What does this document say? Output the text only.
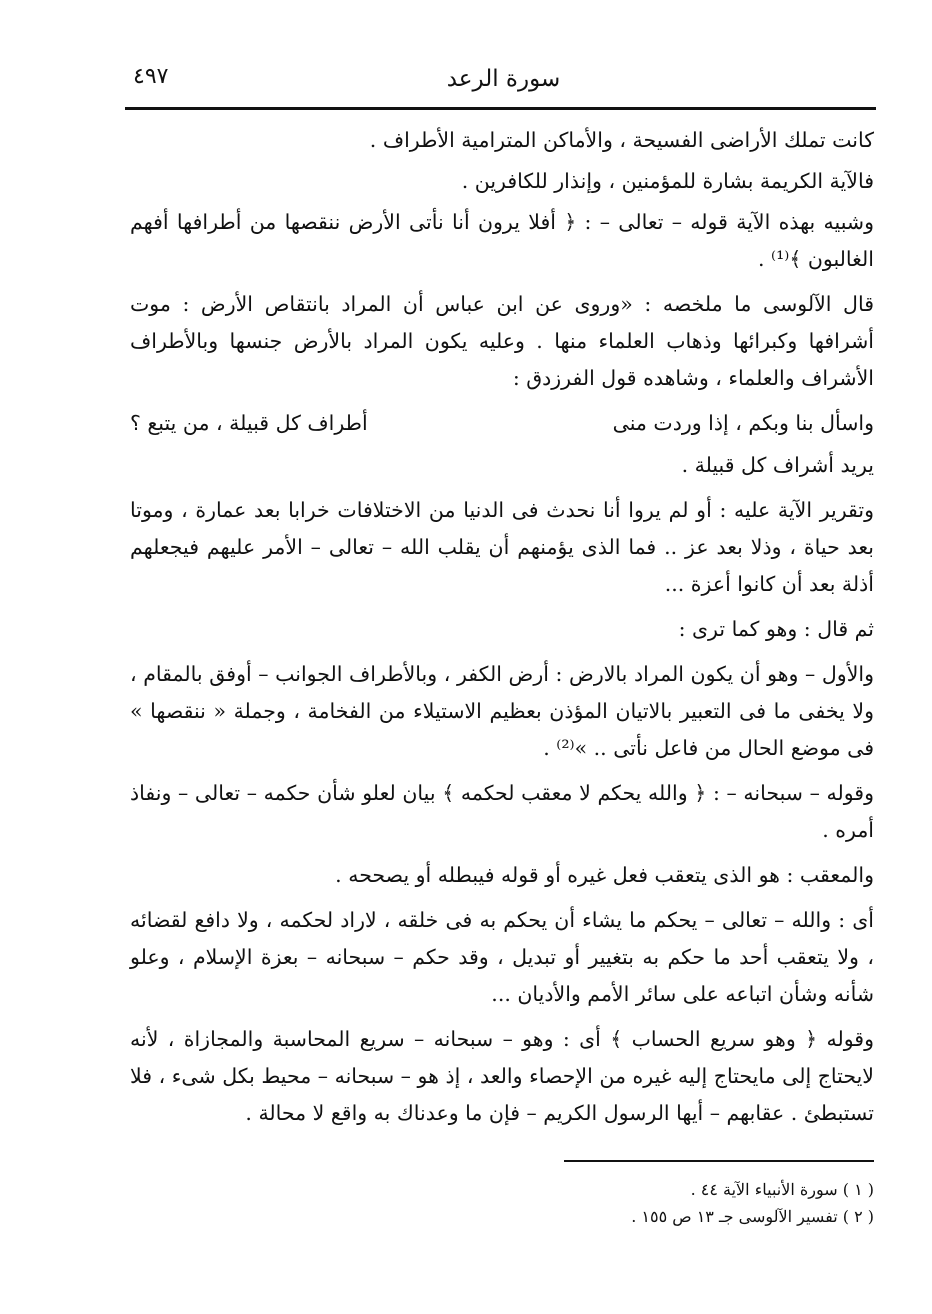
٤٩٧	سورة الرعد

كانت تملك الأراضى الفسيحة ، والأماكن المترامية الأطراف .

فالآية الكريمة بشارة للمؤمنين ، وإنذار للكافرين .

وشبيه بهذه الآية قوله – تعالى – : ﴿ أفلا يرون أنا نأتى الأرض ننقصها من أطرافها أفهم الغالبون ﴾⁽¹⁾ .

قال الآلوسى ما ملخصه : «وروى عن ابن عباس أن المراد بانتقاص الأرض : موت أشرافها وكبرائها وذهاب العلماء منها . وعليه يكون المراد بالأرض جنسها وبالأطراف الأشراف والعلماء ، وشاهده قول الفرزدق :

واسأل بنا وبكم ، إذا وردت منى
أطراف كل قبيلة ، من يتبع ؟

يريد أشراف كل قبيلة .

وتقرير الآية عليه : أو لم يروا أنا نحدث فى الدنيا من الاختلافات خرابا بعد عمارة ، وموتا بعد حياة ، وذلا بعد عز .. فما الذى يؤمنهم أن يقلب الله – تعالى – الأمر عليهم فيجعلهم أذلة بعد أن كانوا أعزة ...

ثم قال : وهو كما ترى :

والأول – وهو أن يكون المراد بالارض : أرض الكفر ، وبالأطراف الجوانب – أوفق بالمقام ، ولا يخفى ما فى التعبير بالاتيان المؤذن بعظيم الاستيلاء من الفخامة ، وجملة « ننقصها » فى موضع الحال من فاعل نأتى .. »⁽²⁾ .

وقوله – سبحانه – : ﴿ والله يحكم لا معقب لحكمه ﴾ بيان لعلو شأن حكمه – تعالى – ونفاذ أمره .

والمعقب : هو الذى يتعقب فعل غيره أو قوله فيبطله أو يصححه .

أى : والله – تعالى – يحكم ما يشاء أن يحكم به فى خلقه ، لاراد لحكمه ، ولا دافع لقضائه ، ولا يتعقب أحد ما حكم به بتغيير أو تبديل ، وقد حكم – سبحانه – بعزة الإسلام ، وعلو شأنه وشأن اتباعه على سائر الأمم والأديان ...

وقوله ﴿ وهو سريع الحساب ﴾ أى : وهو – سبحانه – سريع المحاسبة والمجازاة ، لأنه لايحتاج إلى مايحتاج إليه غيره من الإحصاء والعد ، إذ هو – سبحانه – محيط بكل شىء ، فلا تستبطئ . عقابهم – أيها الرسول الكريم – فإن ما وعدناك به واقع لا محالة .

( ١ ) سورة الأنبياء الآية ٤٤ .

( ٢ ) تفسير الآلوسى جـ ١٣ ص ١٥٥ .
